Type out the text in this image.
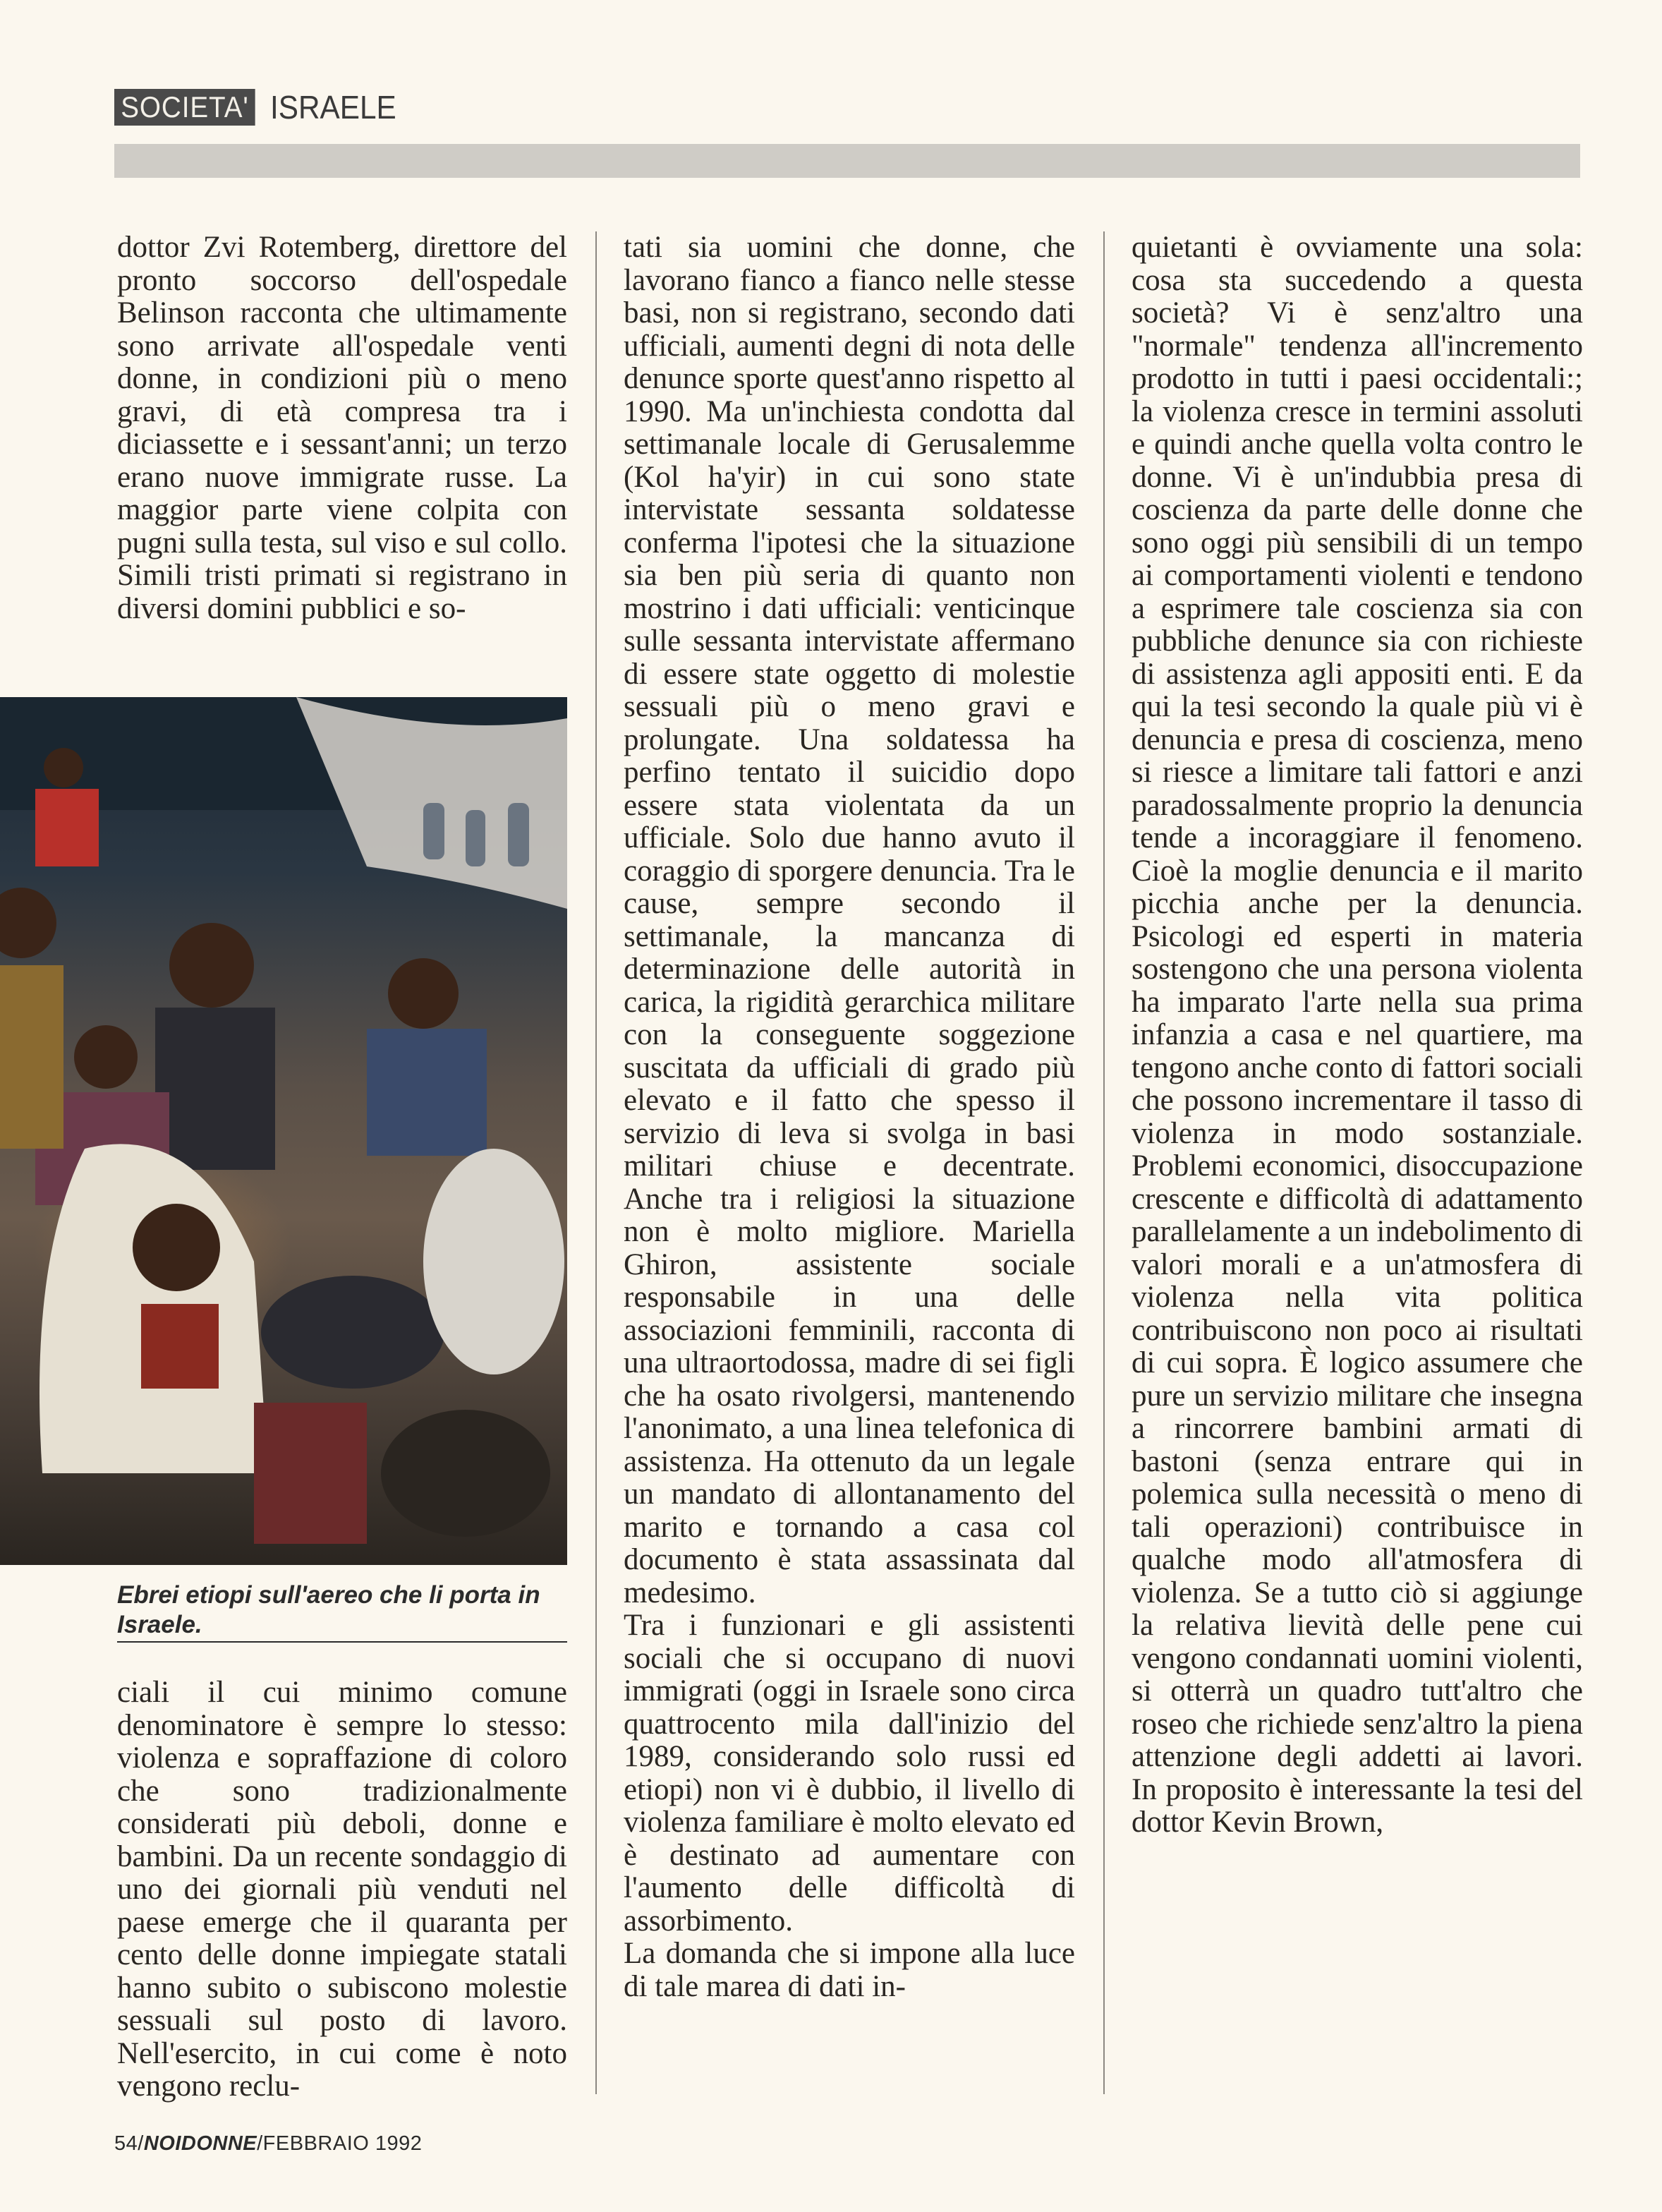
SOCIETA' ISRAELE

dottor Zvi Rotemberg, direttore del pronto soccorso dell'ospedale Belinson racconta che ultimamente sono arrivate all'ospedale venti donne, in condizioni più o meno gravi, di età compresa tra i diciassette e i sessant'anni; un terzo erano nuove immigrate russe. La maggior parte viene colpita con pugni sulla testa, sul viso e sul collo.

Simili tristi primati si registrano in diversi domini pubblici e so-

Ebrei etiopi sull'aereo che li porta in Israele.

ciali il cui minimo comune denominatore è sempre lo stesso: violenza e sopraffazione di coloro che sono tradizionalmente considerati più deboli, donne e bambini. Da un recente sondaggio di uno dei giornali più venduti nel paese emerge che il quaranta per cento delle donne impiegate statali hanno subito o subiscono molestie sessuali sul posto di lavoro. Nell'esercito, in cui come è noto vengono reclu-

tati sia uomini che donne, che lavorano fianco a fianco nelle stesse basi, non si registrano, secondo dati ufficiali, aumenti degni di nota delle denunce sporte quest'anno rispetto al 1990. Ma un'inchiesta condotta dal settimanale locale di Gerusalemme (Kol ha'yir) in cui sono state intervistate sessanta soldatesse conferma l'ipotesi che la situazione sia ben più seria di quanto non mostrino i dati ufficiali: venticinque sulle sessanta intervistate affermano di essere state oggetto di molestie sessuali più o meno gravi e prolungate. Una soldatessa ha perfino tentato il suicidio dopo essere stata violentata da un ufficiale. Solo due hanno avuto il coraggio di sporgere denuncia. Tra le cause, sempre secondo il settimanale, la mancanza di determinazione delle autorità in carica, la rigidità gerarchica militare con la conseguente soggezione suscitata da ufficiali di grado più elevato e il fatto che spesso il servizio di leva si svolga in basi militari chiuse e decentrate.

Anche tra i religiosi la situazione non è molto migliore. Mariella Ghiron, assistente sociale responsabile in una delle associazioni femminili, racconta di una ultraortodossa, madre di sei figli che ha osato rivolgersi, mantenendo l'anonimato, a una linea telefonica di assistenza. Ha ottenuto da un legale un mandato di allontanamento del marito e tornando a casa col documento è stata assassinata dal medesimo.

Tra i funzionari e gli assistenti sociali che si occupano di nuovi immigrati (oggi in Israele sono circa quattrocento mila dall'inizio del 1989, considerando solo russi ed etiopi) non vi è dubbio, il livello di violenza familiare è molto elevato ed è destinato ad aumentare con l'aumento delle difficoltà di assorbimento.

La domanda che si impone alla luce di tale marea di dati in-

quietanti è ovviamente una sola: cosa sta succedendo a questa società? Vi è senz'altro una "normale" tendenza all'incremento prodotto in tutti i paesi occidentali:; la violenza cresce in termini assoluti e quindi anche quella volta contro le donne. Vi è un'indubbia presa di coscienza da parte delle donne che sono oggi più sensibili di un tempo ai comportamenti violenti e tendono a esprimere tale coscienza sia con pubbliche denunce sia con richieste di assistenza agli appositi enti. E da qui la tesi secondo la quale più vi è denuncia e presa di coscienza, meno si riesce a limitare tali fattori e anzi paradossalmente proprio la denuncia tende a incoraggiare il fenomeno. Cioè la moglie denuncia e il marito picchia anche per la denuncia.

Psicologi ed esperti in materia sostengono che una persona violenta ha imparato l'arte nella sua prima infanzia a casa e nel quartiere, ma tengono anche conto di fattori sociali che possono incrementare il tasso di violenza in modo sostanziale. Problemi economici, disoccupazione crescente e difficoltà di adattamento parallelamente a un indebolimento di valori morali e a un'atmosfera di violenza nella vita politica contribuiscono non poco ai risultati di cui sopra. È logico assumere che pure un servizio militare che insegna a rincorrere bambini armati di bastoni (senza entrare qui in polemica sulla necessità o meno di tali operazioni) contribuisce in qualche modo all'atmosfera di violenza. Se a tutto ciò si aggiunge la relativa lievità delle pene cui vengono condannati uomini violenti, si otterrà un quadro tutt'altro che roseo che richiede senz'altro la piena attenzione degli addetti ai lavori.

In proposito è interessante la tesi del dottor Kevin Brown,

54/NOIDONNE/FEBBRAIO 1992
